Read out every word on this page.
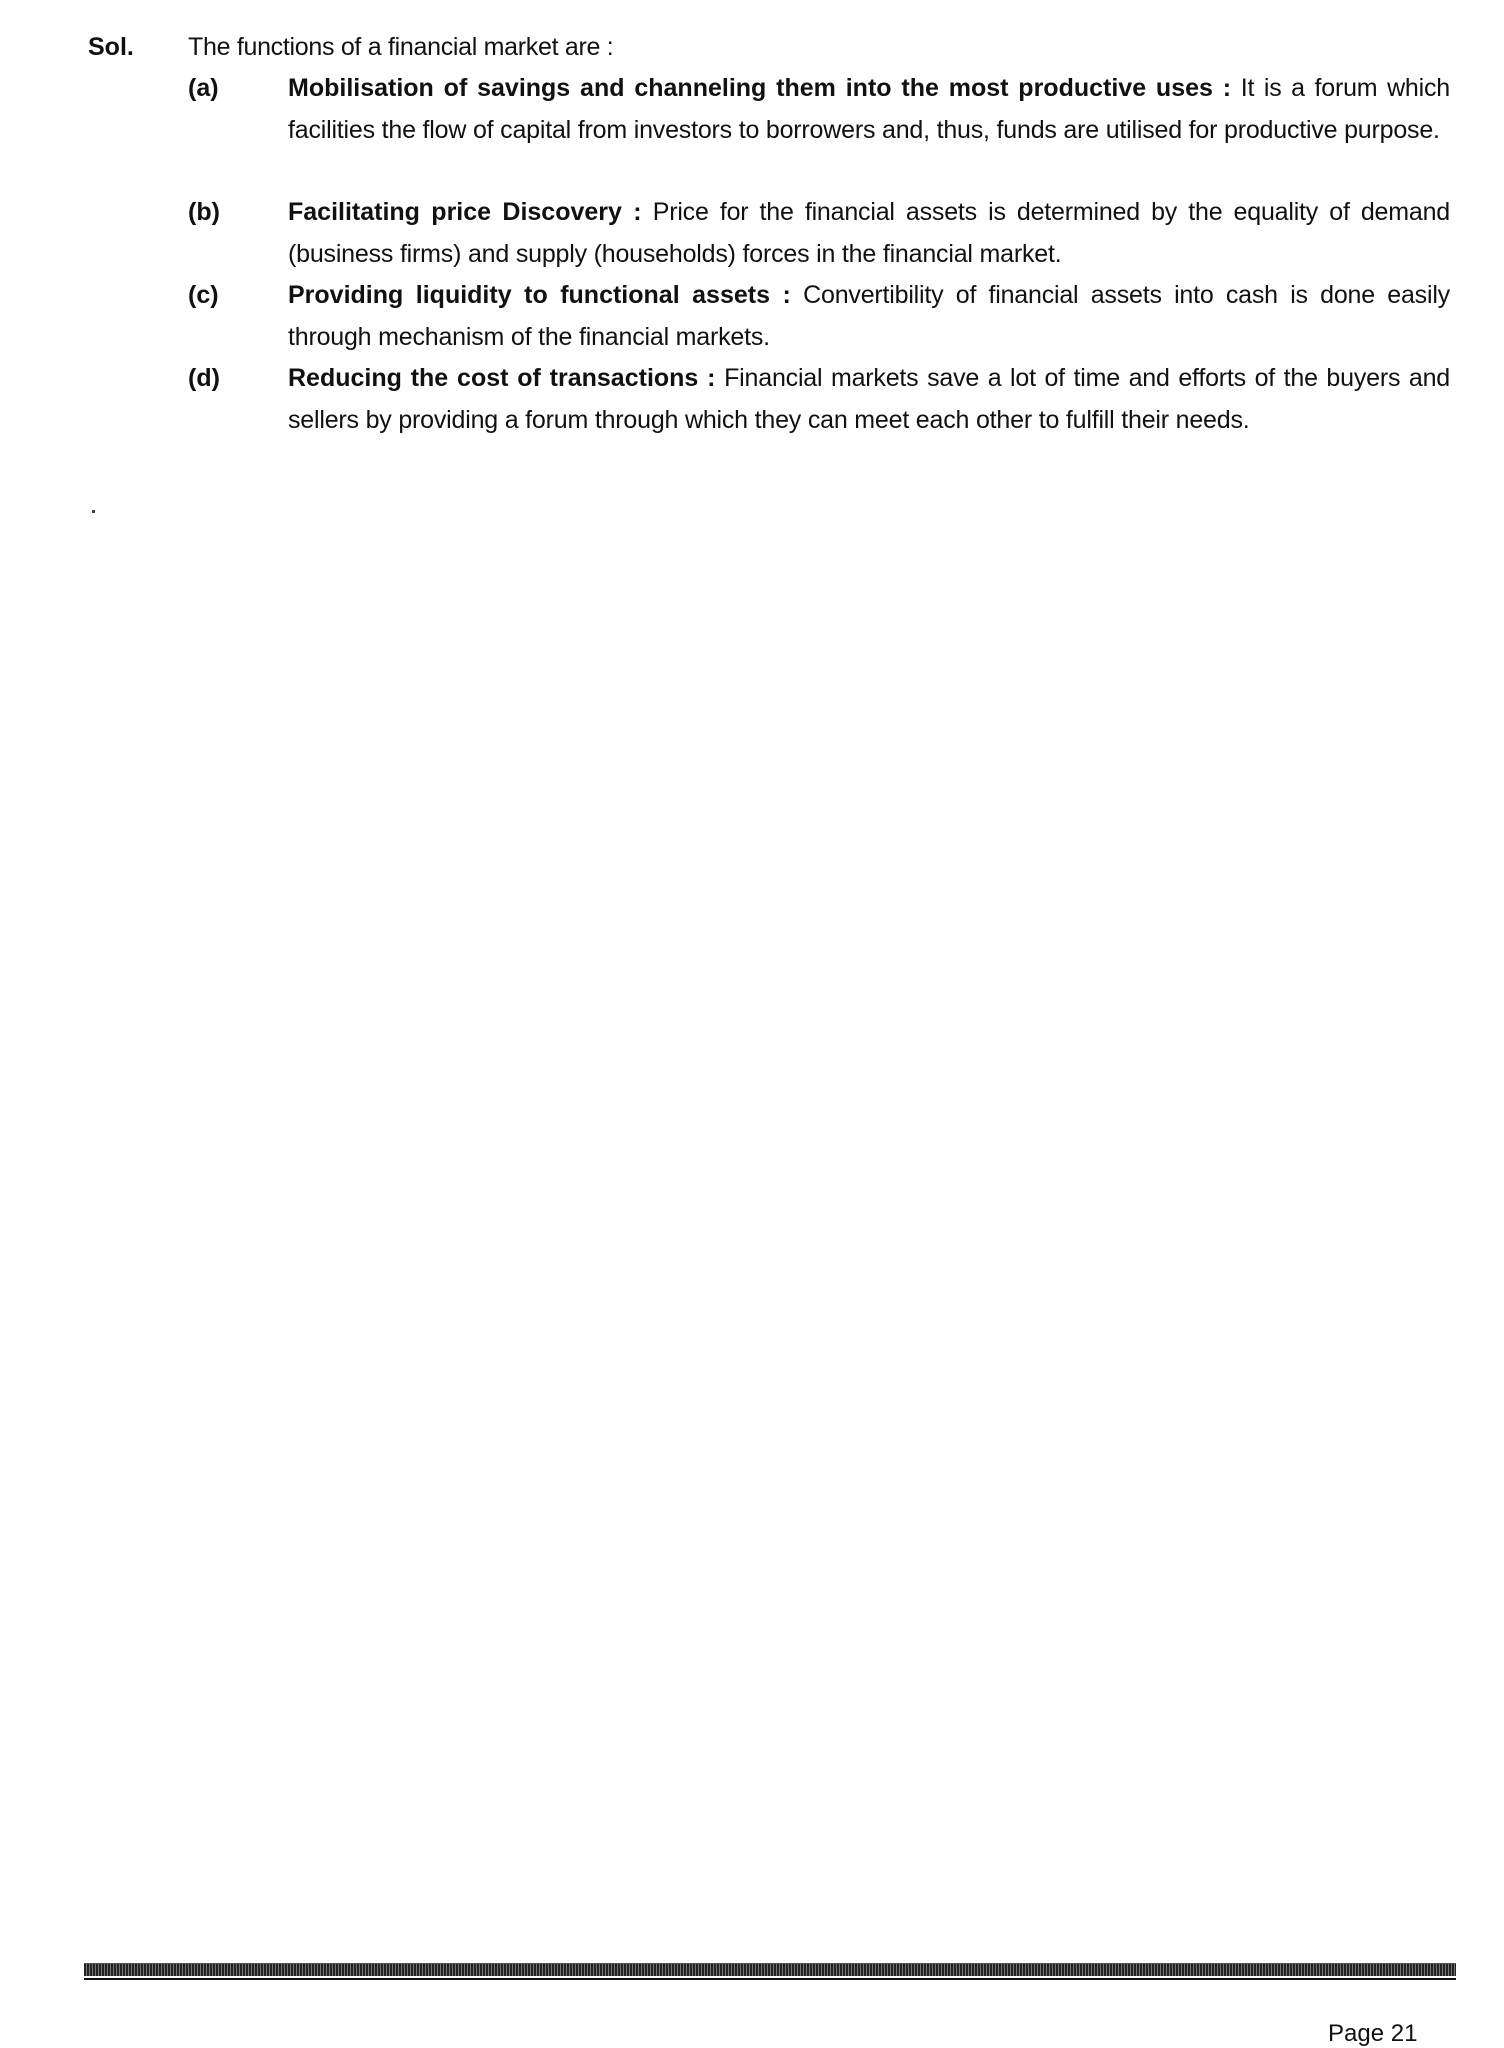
Sol. The functions of a financial market are :
(a)	Mobilisation of savings and channeling them into the most productive uses : It is a forum which facilities the flow of capital from investors to borrowers and, thus, funds are utilised for productive purpose.
(b)	Facilitating price Discovery : Price for the financial assets is determined by the equality of demand (business firms) and supply (households) forces in the financial market.
(c)	Providing liquidity to functional assets : Convertibility of financial assets into cash is done easily through mechanism of the financial markets.
(d)	Reducing the cost of transactions : Financial markets save a lot of time and efforts of the buyers and sellers by providing a forum through which they can meet each other to fulfill their needs.
Page 21
